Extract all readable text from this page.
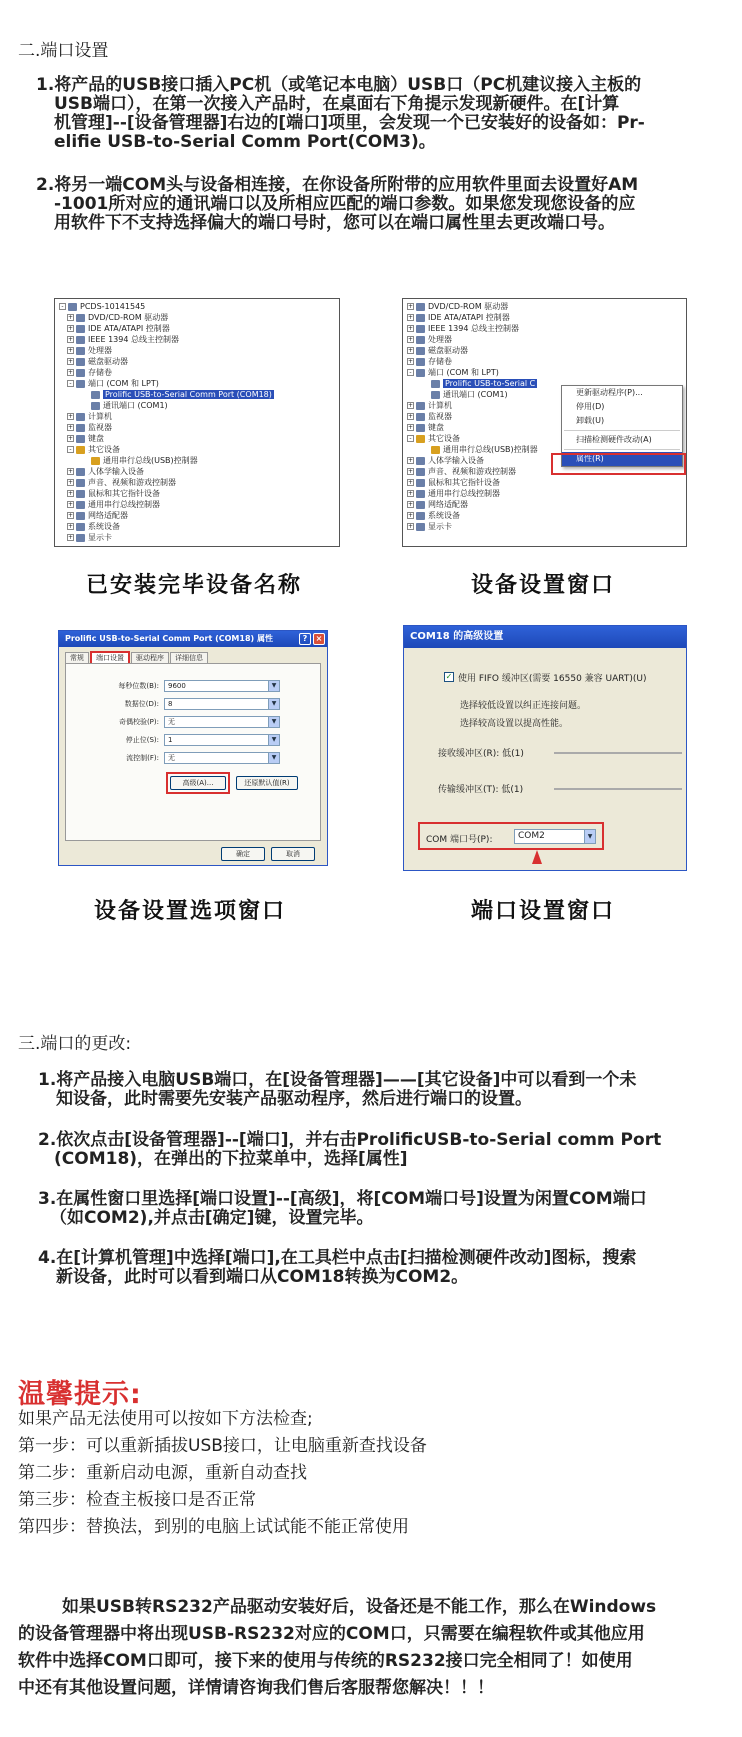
二.端口设置
1.将产品的USB接口插入PC机（或笔记本电脑）USB口（PC机建议接入主板的
USB端口），在第一次接入产品时，在桌面右下角提示发现新硬件。在[计算
机管理]--[设备管理器]右边的[端口]项里，会发现一个已安装好的设备如：Pr-
elifie USB-to-Serial Comm Port(COM3)。
2.将另一端COM头与设备相连接，在你设备所附带的应用软件里面去设置好AM
-1001所对应的通讯端口以及所相应匹配的端口参数。如果您发现您设备的应
用软件下不支持选择偏大的端口号时，您可以在端口属性里去更改端口号。
- PCDS-10141545
+ DVD/CD-ROM 驱动器
+ IDE ATA/ATAPI 控制器
+ IEEE 1394 总线主控制器
+ 处理器
+ 磁盘驱动器
+ 存储卷
- 端口 (COM 和 LPT)
Prolific USB-to-Serial Comm Port (COM18)
通讯端口 (COM1)
+ 计算机
+ 监视器
+ 键盘
- 其它设备
通用串行总线(USB)控制器
+ 人体学输入设备
+ 声音、视频和游戏控制器
+ 鼠标和其它指针设备
+ 通用串行总线控制器
+ 网络适配器
+ 系统设备
+ 显示卡
+ DVD/CD-ROM 驱动器
+ IDE ATA/ATAPI 控制器
+ IEEE 1394 总线主控制器
+ 处理器
+ 磁盘驱动器
+ 存储卷
- 端口 (COM 和 LPT)
Prolific USB-to-Serial C
通讯端口 (COM1)
+ 计算机
+ 监视器
+ 键盘
- 其它设备
通用串行总线(USB)控制器
+ 人体学输入设备
+ 声音、视频和游戏控制器
+ 鼠标和其它指针设备
+ 通用串行总线控制器
+ 网络适配器
+ 系统设备
+ 显示卡
更新驱动程序(P)...
停用(D)
卸载(U)
扫描检测硬件改动(A)
属性(R)
已安装完毕设备名称	设备设置窗口
Prolific USB-to-Serial Comm Port (COM18) 属性	?	×
常规 端口设置 驱动程序 详细信息
每秒位数(B):	9600	▼
数据位(D):	8	▼
奇偶校验(P):	无	▼
停止位(S):	1	▼
流控制(F):	无	▼
高级(A)...	还原默认值(R)
确定	取消
COM18 的高级设置
✓ 使用 FIFO 缓冲区(需要 16550 兼容 UART)(U)
选择较低设置以纠正连接问题。
选择较高设置以提高性能。
接收缓冲区(R): 低(1)
传输缓冲区(T): 低(1)
COM 端口号(P):	COM2	▼
设备设置选项窗口	端口设置窗口
三.端口的更改:
1.将产品接入电脑USB端口，在[设备管理器]——[其它设备]中可以看到一个未
知设备，此时需要先安装产品驱动程序，然后进行端口的设置。
2.依次点击[设备管理器]--[端口]，并右击ProlificUSB-to-Serial comm Port
(COM18)，在弹出的下拉菜单中，选择[属性]
3.在属性窗口里选择[端口设置]--[高级]，将[COM端口号]设置为闲置COM端口
（如COM2),并点击[确定]键，设置完毕。
4.在[计算机管理]中选择[端口],在工具栏中点击[扫描检测硬件改动]图标，搜索
新设备，此时可以看到端口从COM18转换为COM2。
温馨提示:
如果产品无法使用可以按如下方法检查;
第一步：可以重新插拔USB接口，让电脑重新查找设备
第二步：重新启动电源，重新自动查找
第三步：检查主板接口是否正常
第四步：替换法，到别的电脑上试试能不能正常使用
如果USB转RS232产品驱动安装好后，设备还是不能工作，那么在Windows
的设备管理器中将出现USB-RS232对应的COM口，只需要在编程软件或其他应用
软件中选择COM口即可，接下来的使用与传统的RS232接口完全相同了！如使用
中还有其他设置问题，详情请咨询我们售后客服帮您解决！！！
